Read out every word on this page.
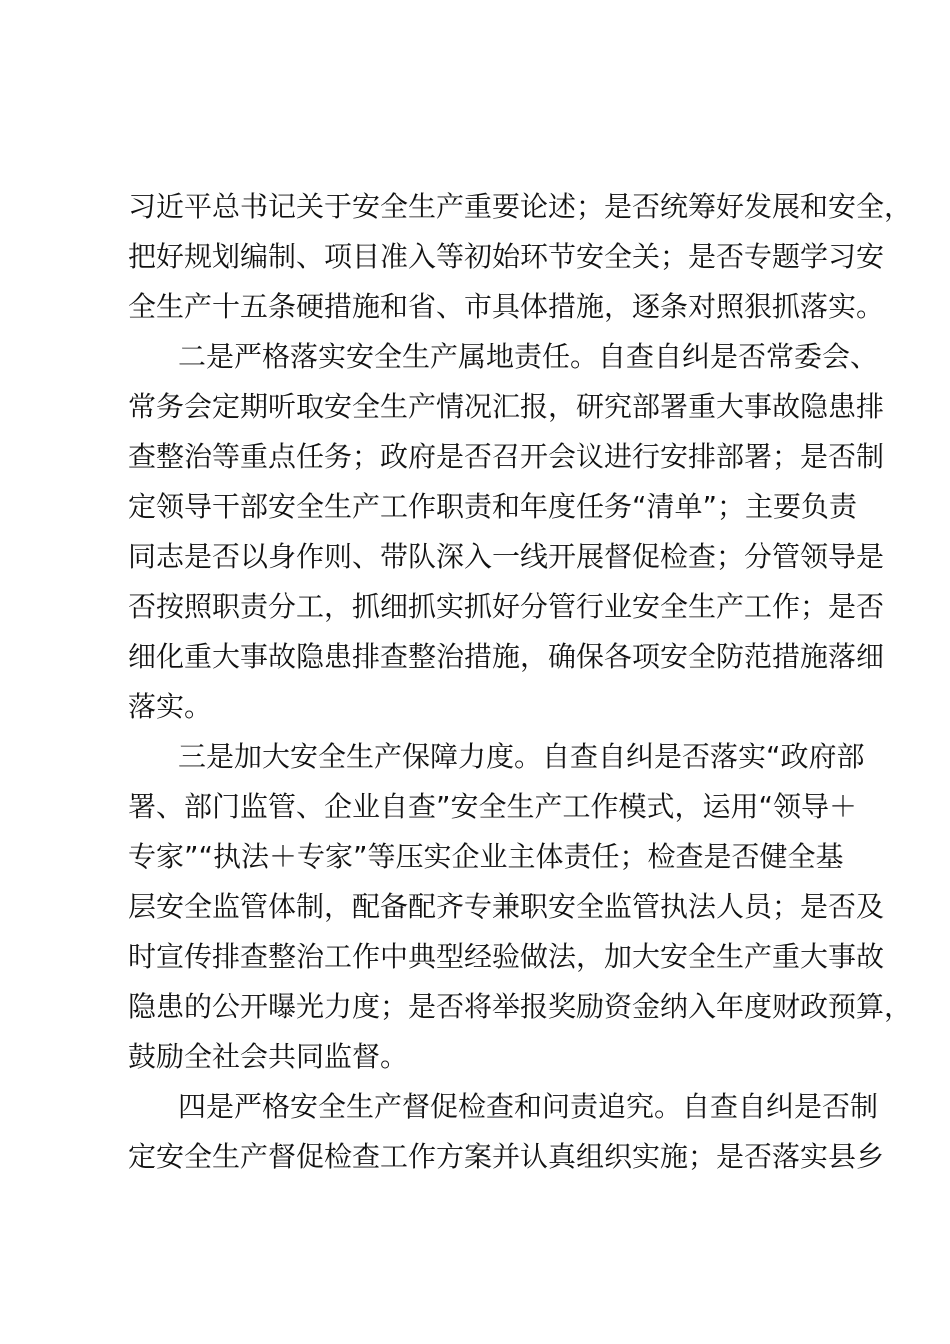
习近平总书记关于安全生产重要论述；是否统筹好发展和安全，
把好规划编制、项目准入等初始环节安全关；是否专题学习安
全生产十五条硬措施和省、市具体措施，逐条对照狠抓落实。
二是严格落实安全生产属地责任。自查自纠是否常委会、
常务会定期听取安全生产情况汇报，研究部署重大事故隐患排
查整治等重点任务；政府是否召开会议进行安排部署；是否制
定领导干部安全生产工作职责和年度任务“清单”；主要负责
同志是否以身作则、带队深入一线开展督促检查；分管领导是
否按照职责分工，抓细抓实抓好分管行业安全生产工作；是否
细化重大事故隐患排查整治措施，确保各项安全防范措施落细
落实。
三是加大安全生产保障力度。自查自纠是否落实“政府部
署、部门监管、企业自查”安全生产工作模式，运用“领导＋
专家”“执法＋专家”等压实企业主体责任；检查是否健全基
层安全监管体制，配备配齐专兼职安全监管执法人员；是否及
时宣传排查整治工作中典型经验做法，加大安全生产重大事故
隐患的公开曝光力度；是否将举报奖励资金纳入年度财政预算，
鼓励全社会共同监督。
四是严格安全生产督促检查和问责追究。自查自纠是否制
定安全生产督促检查工作方案并认真组织实施；是否落实县乡
